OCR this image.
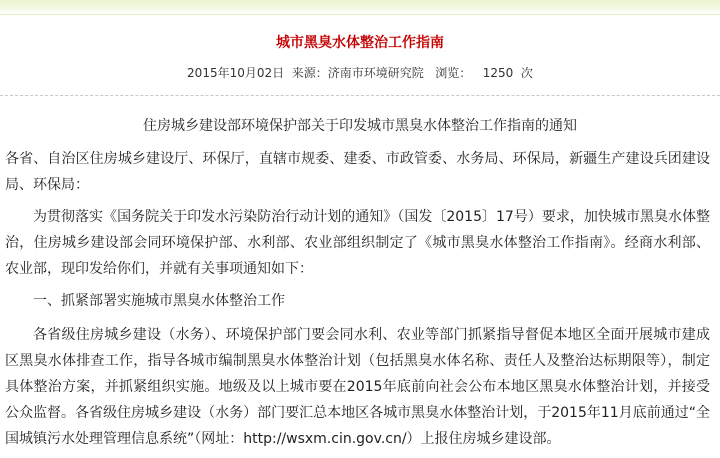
城市黑臭水体整治工作指南
2015年10月02日 来源：济南市环境研究院 浏览： 1250 次
住房城乡建设部环境保护部关于印发城市黑臭水体整治工作指南的通知

各省、自治区住房城乡建设厅、环保厅，直辖市规委、建委、市政管委、水务局、环保局，新疆生产建设兵团建设局、环保局：

为贯彻落实《国务院关于印发水污染防治行动计划的通知》（国发〔2015〕17号）要求，加快城市黑臭水体整治，住房城乡建设部会同环境保护部、水利部、农业部组织制定了《城市黑臭水体整治工作指南》。经商水利部、农业部，现印发给你们，并就有关事项通知如下：

一、抓紧部署实施城市黑臭水体整治工作

各省级住房城乡建设（水务）、环境保护部门要会同水利、农业等部门抓紧指导督促本地区全面开展城市建成区黑臭水体排查工作，指导各城市编制黑臭水体整治计划（包括黑臭水体名称、责任人及整治达标期限等），制定具体整治方案，并抓紧组织实施。地级及以上城市要在2015年底前向社会公布本地区黑臭水体整治计划，并接受公众监督。各省级住房城乡建设（水务）部门要汇总本地区各城市黑臭水体整治计划，于2015年11月底前通过“全国城镇污水处理管理信息系统”（网址：http://wsxm.cin.gov.cn/）上报住房城乡建设部。
